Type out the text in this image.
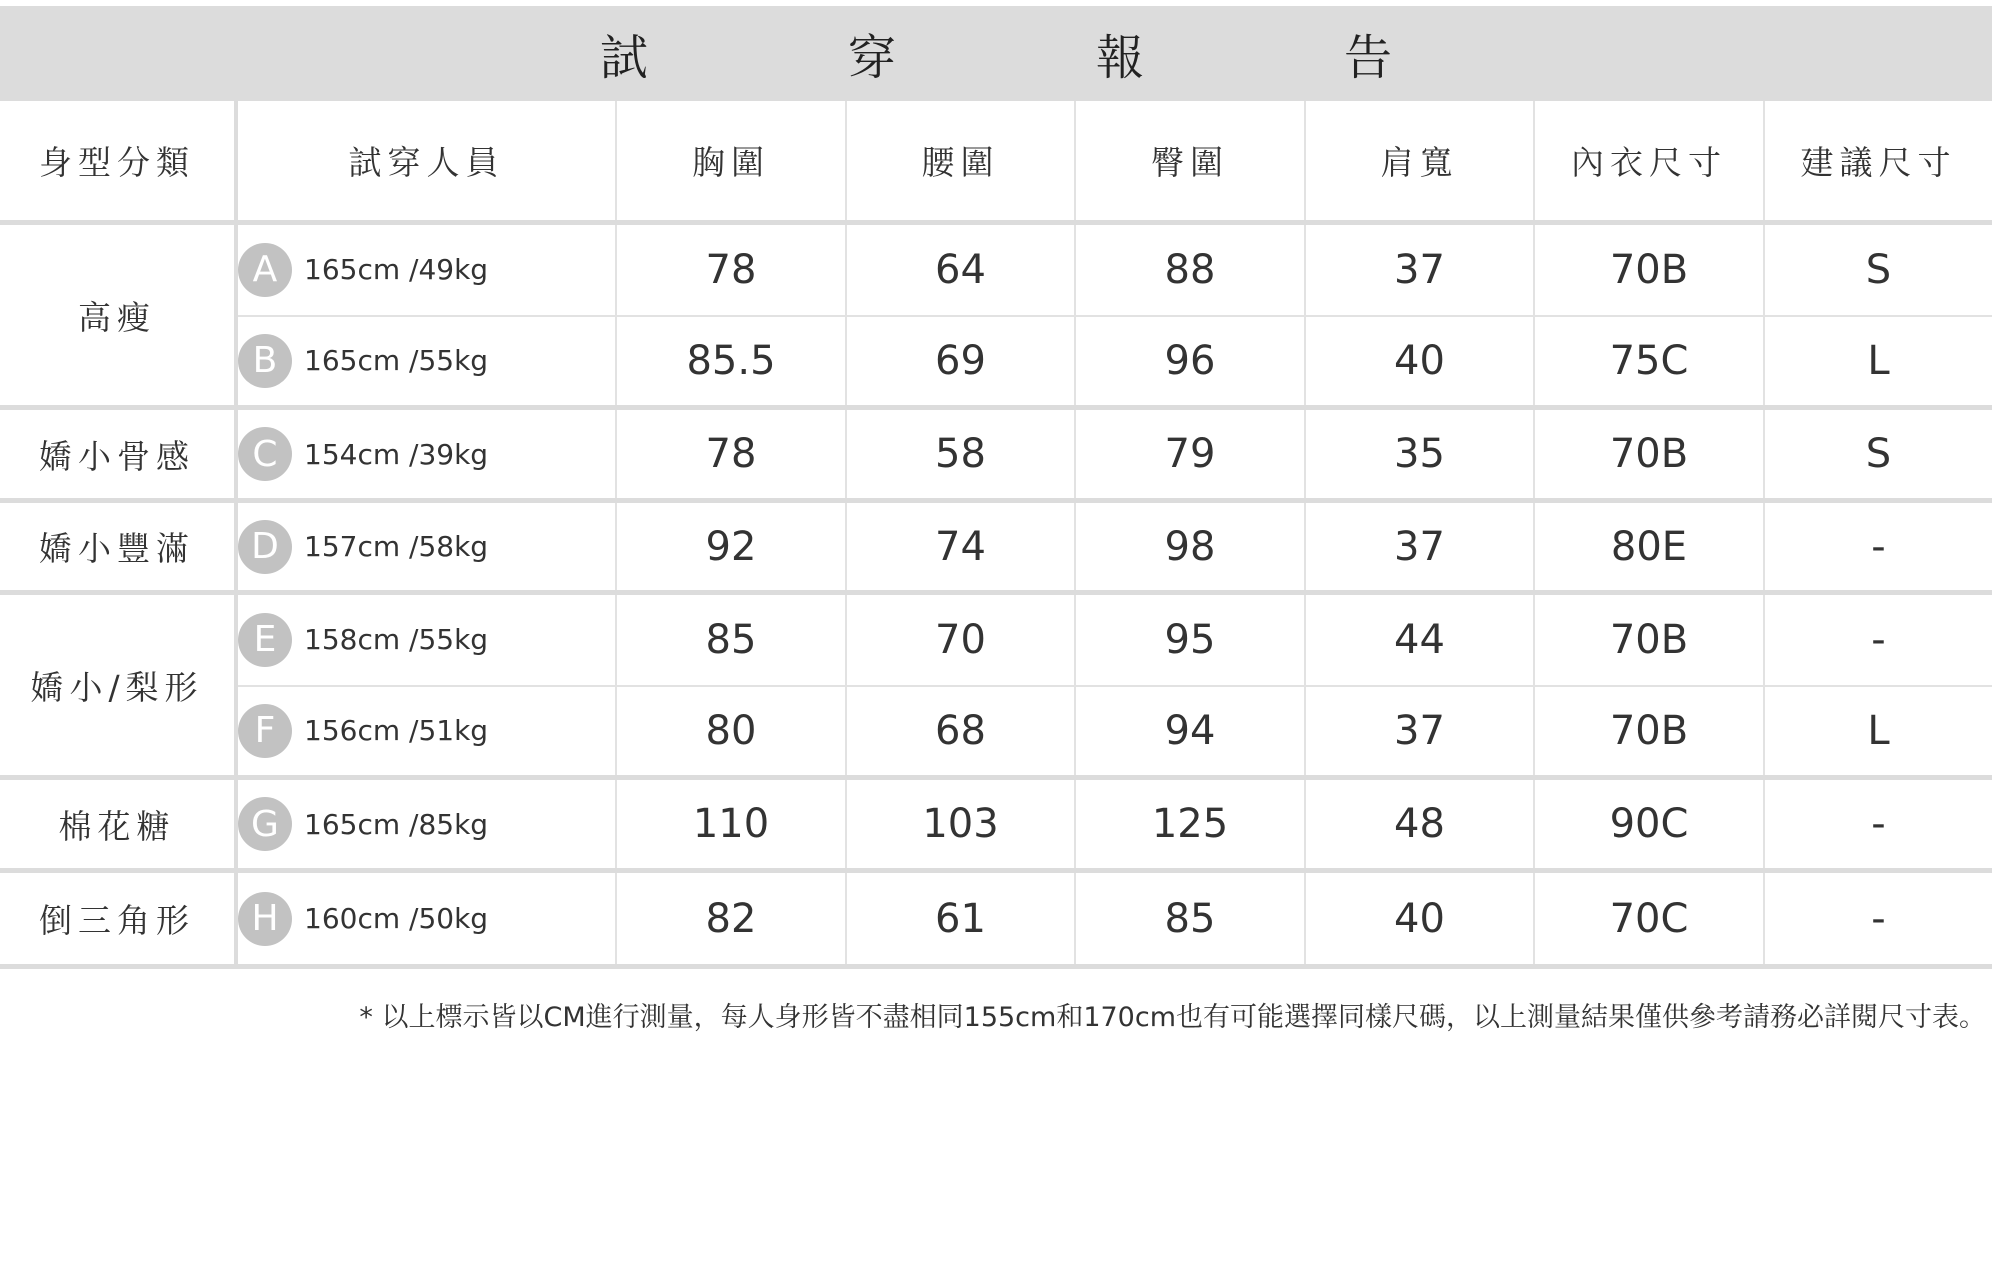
試　穿　報　告
身型分類	試穿人員	胸圍	腰圍	臀圍	肩寬	內衣尺寸	建議尺寸
高瘦	A 165cm /49kg	78	64	88	37	70B	S

B 165cm /55kg	85.5	69	96	40	75C	L
嬌小骨感	C 154cm /39kg	78	58	79	35	70B	S
嬌小豐滿	D 157cm /58kg	92	74	98	37	80E	-
嬌小/梨形	E 158cm /55kg	85	70	95	44	70B	-

F 156cm /51kg	80	68	94	37	70B	L
棉花糖	G 165cm /85kg	110	103	125	48	90C	-
倒三角形	H 160cm /50kg	82	61	85	40	70C	-
* 以上標示皆以CM進行測量，每人身形皆不盡相同155cm和170cm也有可能選擇同樣尺碼，以上測量結果僅供參考請務必詳閱尺寸表。
